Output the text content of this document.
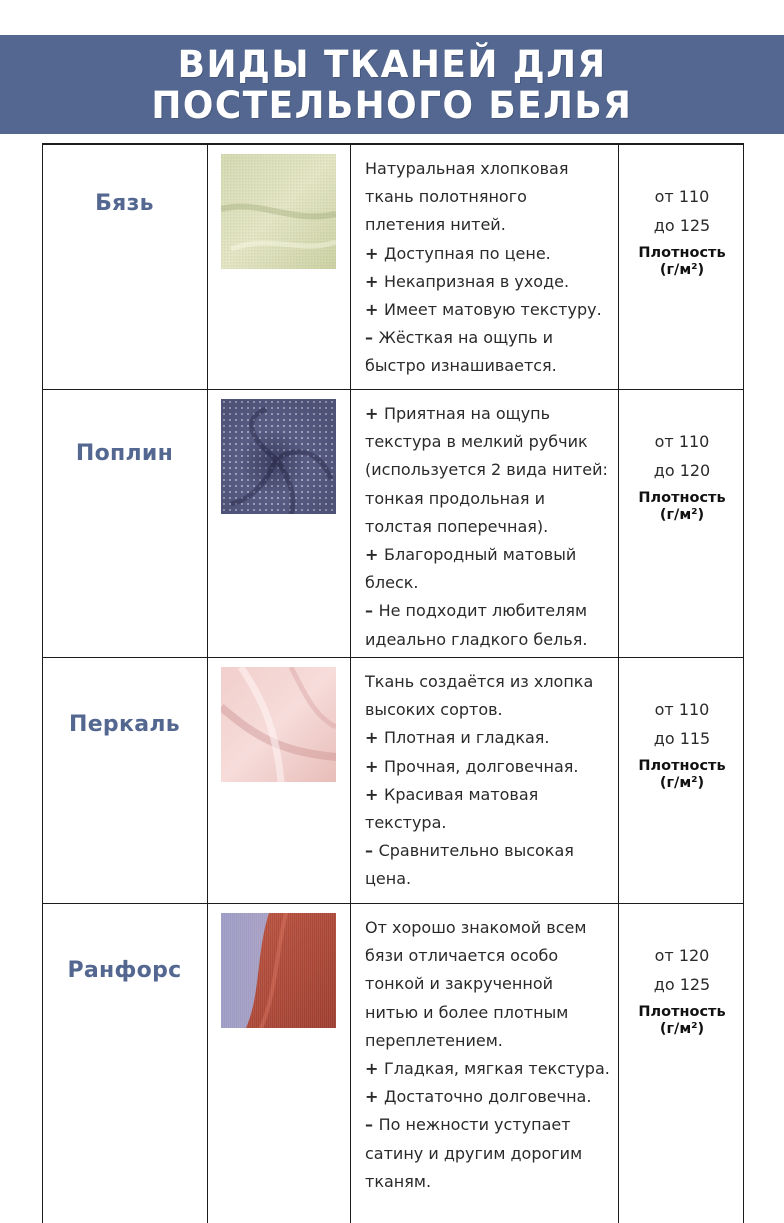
ВИДЫ ТКАНЕЙ ДЛЯ
ПОСТЕЛЬНОГО БЕЛЬЯ
Бязь
Натуральная хлопковая
ткань полотняного
плетения нитей.
+ Доступная по цене.
+ Некапризная в уходе.
+ Имеет матовую текстуру.
– Жёсткая на ощупь и
быстро изнашивается.
от 110
до 125
Плотность
(г/м²)
Поплин
+ Приятная на ощупь
текстура в мелкий рубчик
(используется 2 вида нитей:
тонкая продольная и
толстая поперечная).
+ Благородный матовый
блеск.
– Не подходит любителям
идеально гладкого белья.
от 110
до 120
Плотность
(г/м²)
Перкаль
Ткань создаётся из хлопка
высоких сортов.
+ Плотная и гладкая.
+ Прочная, долговечная.
+ Красивая матовая
текстура.
– Сравнительно высокая
цена.
от 110
до 115
Плотность
(г/м²)
Ранфорс
От хорошо знакомой всем
бязи отличается особо
тонкой и закрученной
нитью и более плотным
переплетением.
+ Гладкая, мягкая текстура.
+ Достаточно долговечна.
– По нежности уступает
сатину и другим дорогим
тканям.
от 120
до 125
Плотность
(г/м²)
